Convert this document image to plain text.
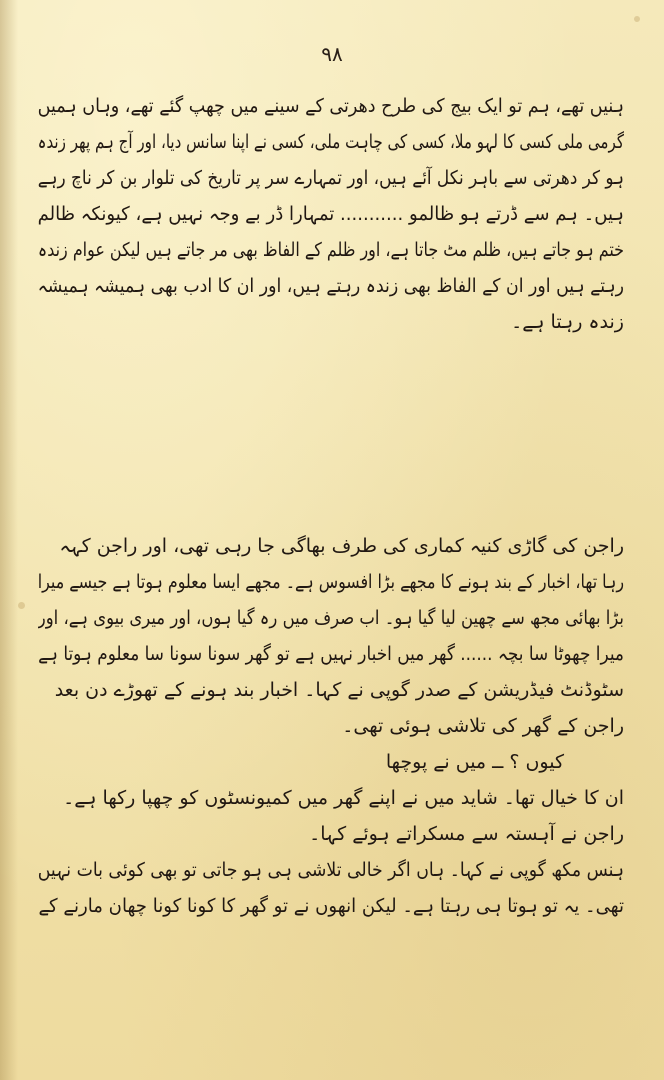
۹۸
ہنیں تھے، ہم تو ایک بیج کی طرح دھرتی کے سینے میں چھپ گئے تھے، وہاں ہمیں
گرمی ملی کسی کا لہو ملا، کسی کی چاہت ملی، کسی نے اپنا سانس دیا، اور آج ہم پھر زندہ
ہو کر دھرتی سے باہر نکل آئے ہیں، اور تمہارے سر پر تاریخ کی تلوار بن کر ناچ رہے
ہیں۔ ہم سے ڈرتے ہو ظالمو ........... تمہارا ڈر بے وجہ نہیں ہے، کیونکہ ظالم
ختم ہو جاتے ہیں، ظلم مٹ جاتا ہے، اور ظلم کے الفاظ بھی مر جاتے ہیں لیکن عوام زندہ
رہتے ہیں اور ان کے الفاظ بھی زندہ رہتے ہیں، اور ان کا ادب بھی ہمیشہ ہمیشہ
زندہ رہتا ہے۔
راجن کی گاڑی کنیہ کماری کی طرف بھاگی جا رہی تھی، اور راجن کہہ
رہا تھا، اخبار کے بند ہونے کا مجھے بڑا افسوس ہے۔ مجھے ایسا معلوم ہوتا ہے جیسے میرا
بڑا بھائی مجھ سے چھین لیا گیا ہو۔ اب صرف میں رہ گیا ہوں، اور میری بیوی ہے، اور
میرا چھوٹا سا بچہ ...... گھر میں اخبار نہیں ہے تو گھر سونا سونا سا معلوم ہوتا ہے
سٹوڈنٹ فیڈریشن کے صدر گوپی نے کہا۔ اخبار بند ہونے کے تھوڑے دن بعد
راجن کے گھر کی تلاشی ہوئی تھی۔
کیوں ؟ ــ میں نے پوچھا
ان کا خیال تھا۔ شاید میں نے اپنے گھر میں کمیونسٹوں کو چھپا رکھا ہے۔
راجن نے آہستہ سے مسکراتے ہوئے کہا۔
ہنس مکھ گوپی نے کہا۔ ہاں اگر خالی تلاشی ہی ہو جاتی تو بھی کوئی بات نہیں
تھی۔ یہ تو ہوتا ہی رہتا ہے۔ لیکن انھوں نے تو گھر کا کونا کونا چھان مارنے کے
